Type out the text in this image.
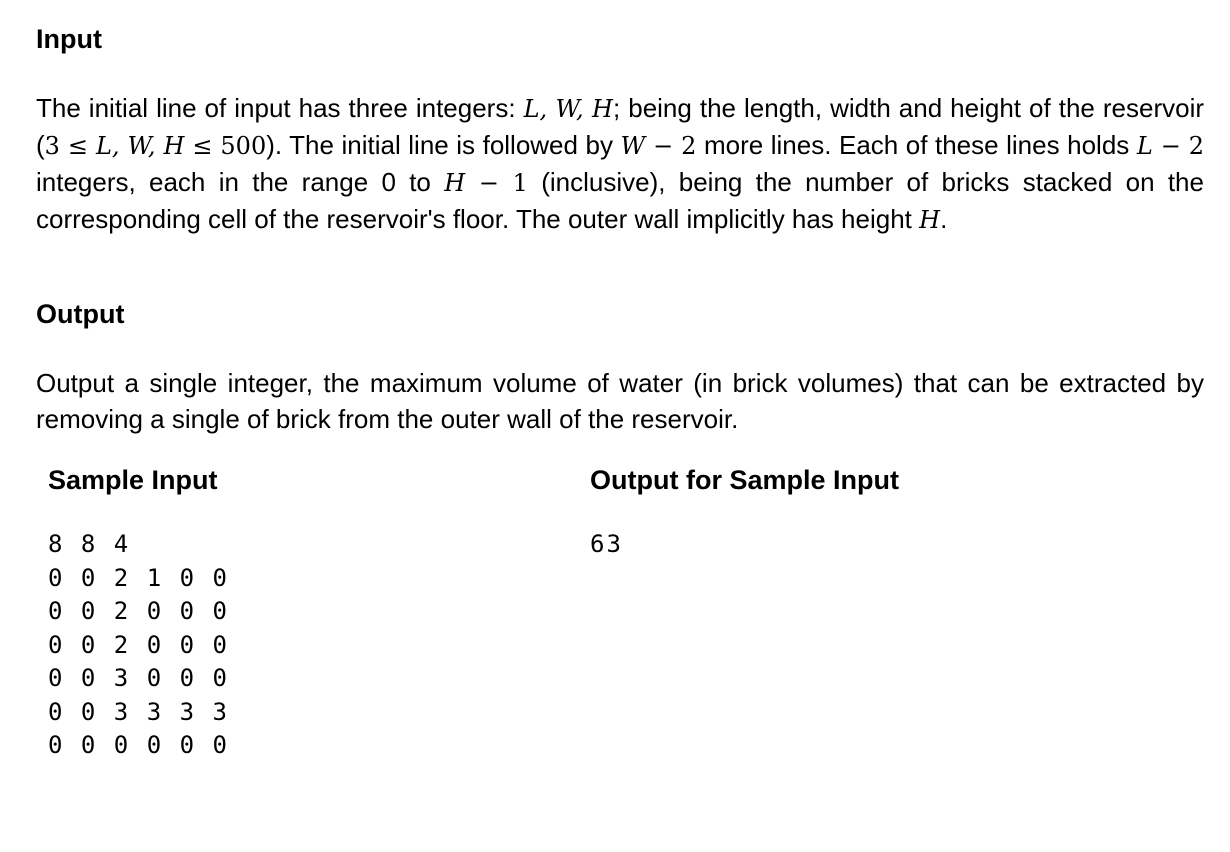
Input

The initial line of input has three integers: L, W, H; being the length, width and height of the reservoir (3 ≤ L, W, H ≤ 500). The initial line is followed by W − 2 more lines. Each of these lines holds L − 2 integers, each in the range 0 to H − 1 (inclusive), being the number of bricks stacked on the corresponding cell of the reservoir's floor. The outer wall implicitly has height H.

Output

Output a single integer, the maximum volume of water (in brick volumes) that can be extracted by removing a single of brick from the outer wall of the reservoir.

Sample Input	Output for Sample Input
8 8 4
0 0 2 1 0 0
0 0 2 0 0 0
0 0 2 0 0 0
0 0 3 0 0 0
0 0 3 3 3 3
0 0 0 0 0 0
63
